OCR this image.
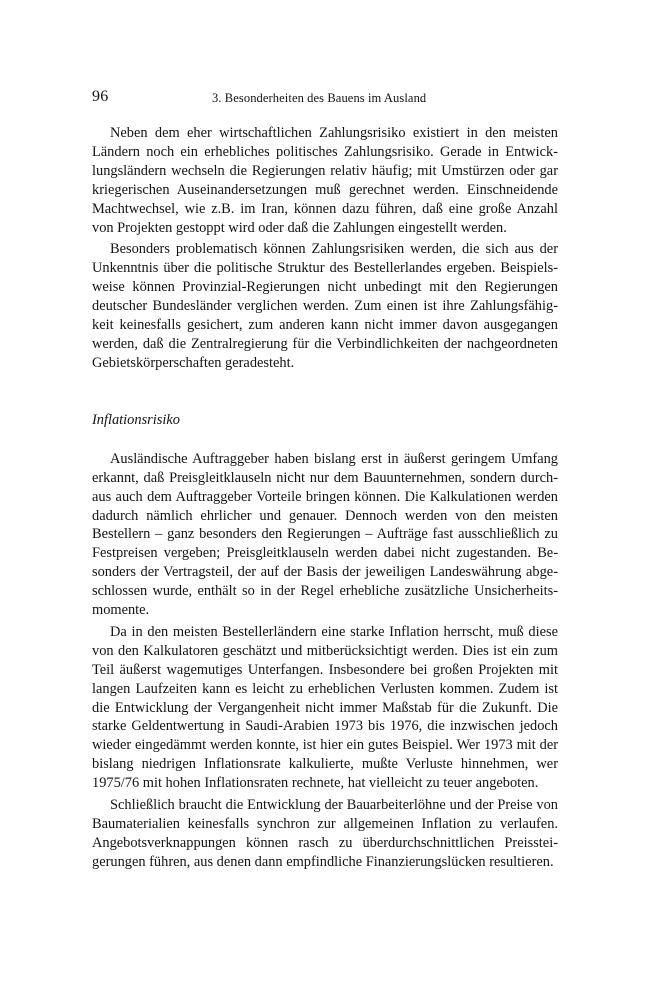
96	3. Besonderheiten des Bauens im Ausland

Neben dem eher wirtschaftlichen Zahlungsrisiko existiert in den meisten Ländern noch ein erhebliches politisches Zahlungsrisiko. Gerade in Entwicklungsländern wechseln die Regierungen relativ häufig; mit Umstürzen oder gar kriegerischen Auseinandersetzungen muß gerechnet werden. Einschneidende Machtwechsel, wie z.B. im Iran, können dazu führen, daß eine große Anzahl von Projekten gestoppt wird oder daß die Zahlungen eingestellt werden.

Besonders problematisch können Zahlungsrisiken werden, die sich aus der Unkenntnis über die politische Struktur des Bestellerlandes ergeben. Beispielsweise können Provinzial-Regierungen nicht unbedingt mit den Regierungen deutscher Bundesländer verglichen werden. Zum einen ist ihre Zahlungsfähigkeit keinesfalls gesichert, zum anderen kann nicht immer davon ausgegangen werden, daß die Zentralregierung für die Verbindlichkeiten der nachgeordneten Gebietskörperschaften geradesteht.

Inflationsrisiko

Ausländische Auftraggeber haben bislang erst in äußerst geringem Umfang erkannt, daß Preisgleitklauseln nicht nur dem Bauunternehmen, sondern durchaus auch dem Auftraggeber Vorteile bringen können. Die Kalkulationen werden dadurch nämlich ehrlicher und genauer. Dennoch werden von den meisten Bestellern – ganz besonders den Regierungen – Aufträge fast ausschließlich zu Festpreisen vergeben; Preisgleitklauseln werden dabei nicht zugestanden. Besonders der Vertragsteil, der auf der Basis der jeweiligen Landeswährung abgeschlossen wurde, enthält so in der Regel erhebliche zusätzliche Unsicherheitsmomente.

Da in den meisten Bestellerländern eine starke Inflation herrscht, muß diese von den Kalkulatoren geschätzt und mitberücksichtigt werden. Dies ist ein zum Teil äußerst wagemutiges Unterfangen. Insbesondere bei großen Projekten mit langen Laufzeiten kann es leicht zu erheblichen Verlusten kommen. Zudem ist die Entwicklung der Vergangenheit nicht immer Maßstab für die Zukunft. Die starke Geldentwertung in Saudi-Arabien 1973 bis 1976, die inzwischen jedoch wieder eingedämmt werden konnte, ist hier ein gutes Beispiel. Wer 1973 mit der bislang niedrigen Inflationsrate kalkulierte, mußte Verluste hinnehmen, wer 1975/76 mit hohen Inflationsraten rechnete, hat vielleicht zu teuer angeboten.

Schließlich braucht die Entwicklung der Bauarbeiterlöhne und der Preise von Baumaterialien keinesfalls synchron zur allgemeinen Inflation zu verlaufen. Angebotsverknappungen können rasch zu überdurchschnittlichen Preissteigerungen führen, aus denen dann empfindliche Finanzierungslücken resultieren.
